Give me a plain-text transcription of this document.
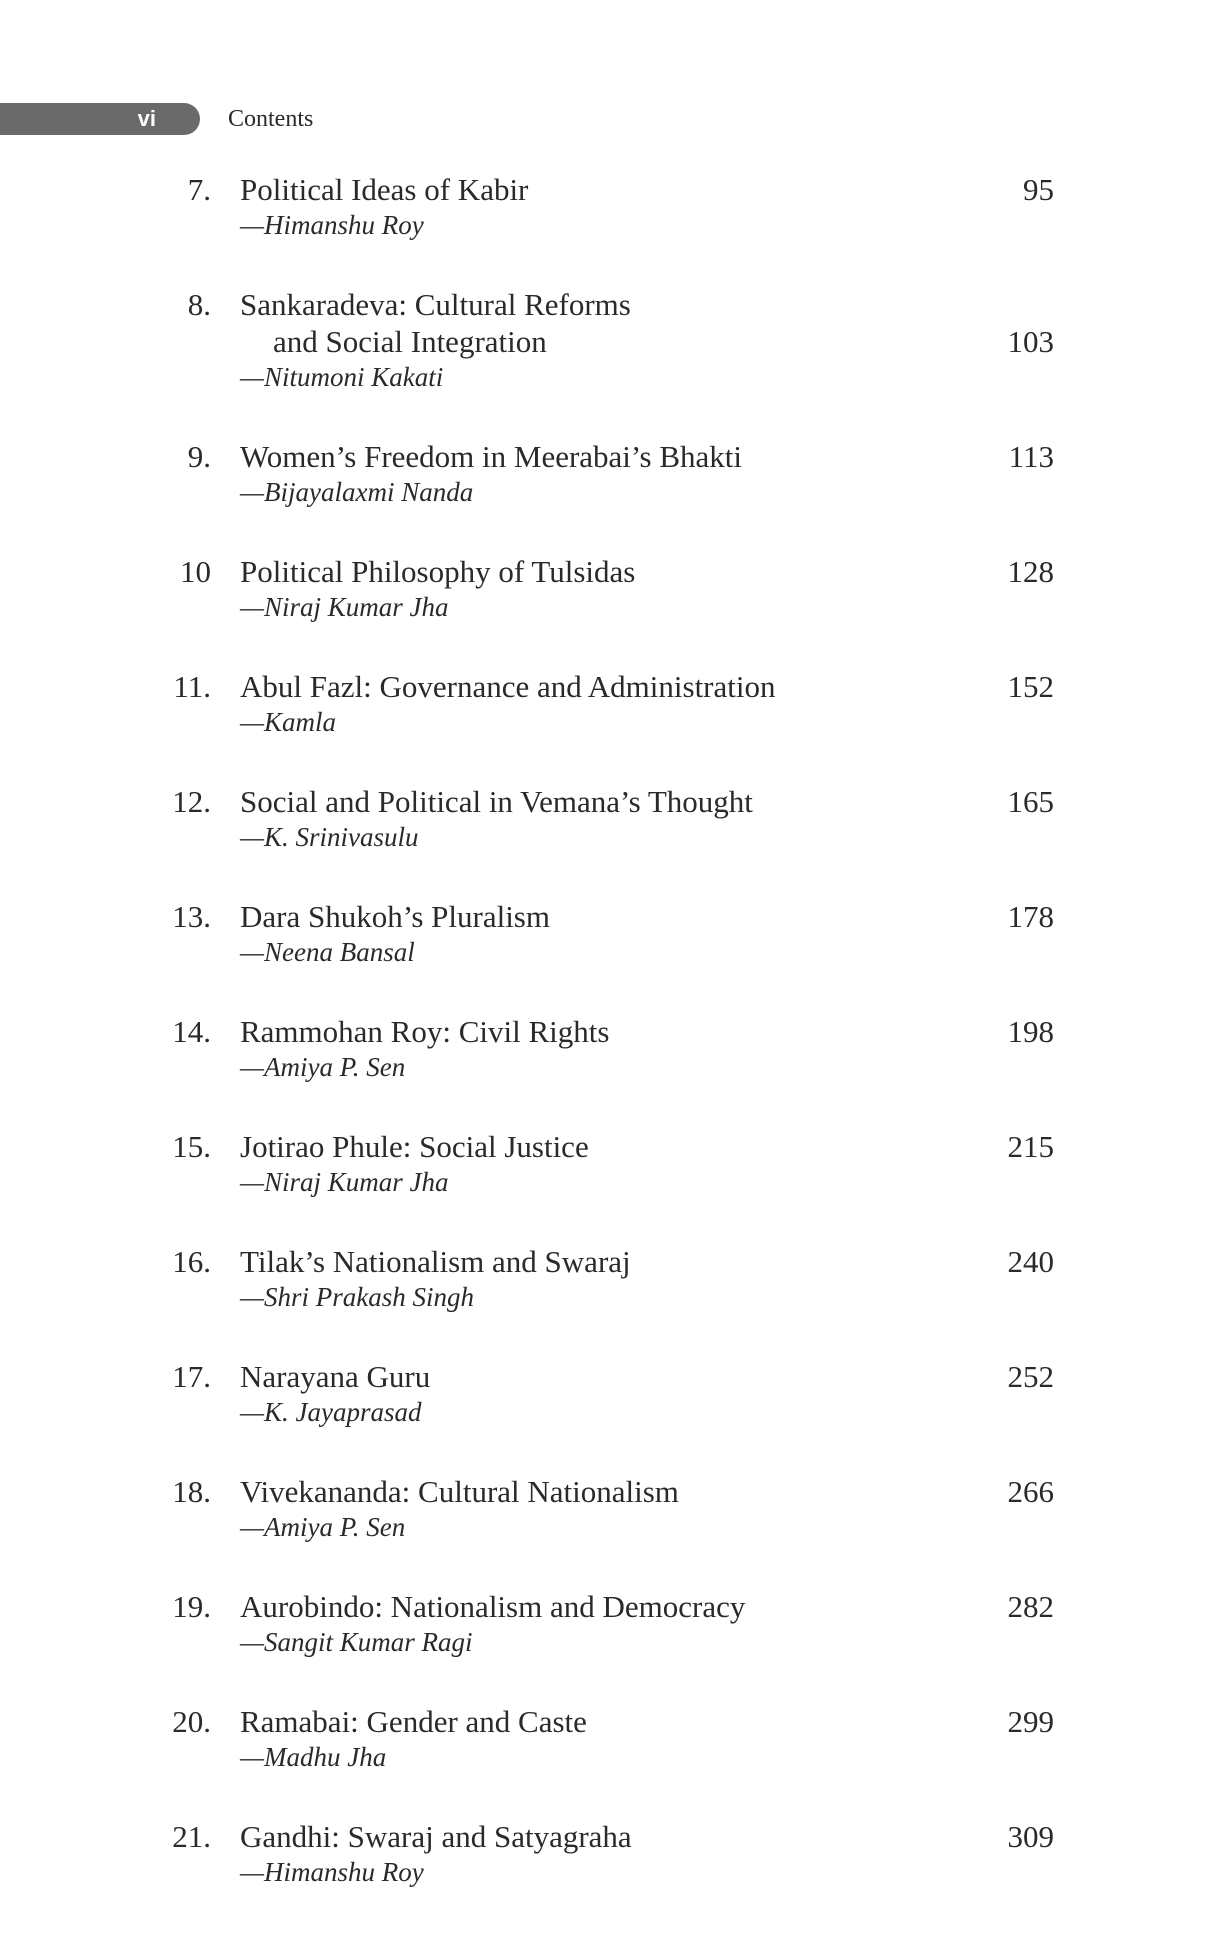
vi	Contents
7. Political Ideas of Kabir	95
—Himanshu Roy
8. Sankaradeva: Cultural Reforms
and Social Integration	103
—Nitumoni Kakati
9. Women’s Freedom in Meerabai’s Bhakti	113
—Bijayalaxmi Nanda
10 Political Philosophy of Tulsidas	128
—Niraj Kumar Jha
11. Abul Fazl: Governance and Administration	152
—Kamla
12. Social and Political in Vemana’s Thought	165
—K. Srinivasulu
13. Dara Shukoh’s Pluralism	178
—Neena Bansal
14. Rammohan Roy: Civil Rights	198
—Amiya P. Sen
15. Jotirao Phule: Social Justice	215
—Niraj Kumar Jha
16. Tilak’s Nationalism and Swaraj	240
—Shri Prakash Singh
17. Narayana Guru	252
—K. Jayaprasad
18. Vivekananda: Cultural Nationalism	266
—Amiya P. Sen
19. Aurobindo: Nationalism and Democracy	282
—Sangit Kumar Ragi
20. Ramabai: Gender and Caste	299
—Madhu Jha
21. Gandhi: Swaraj and Satyagraha	309
—Himanshu Roy
